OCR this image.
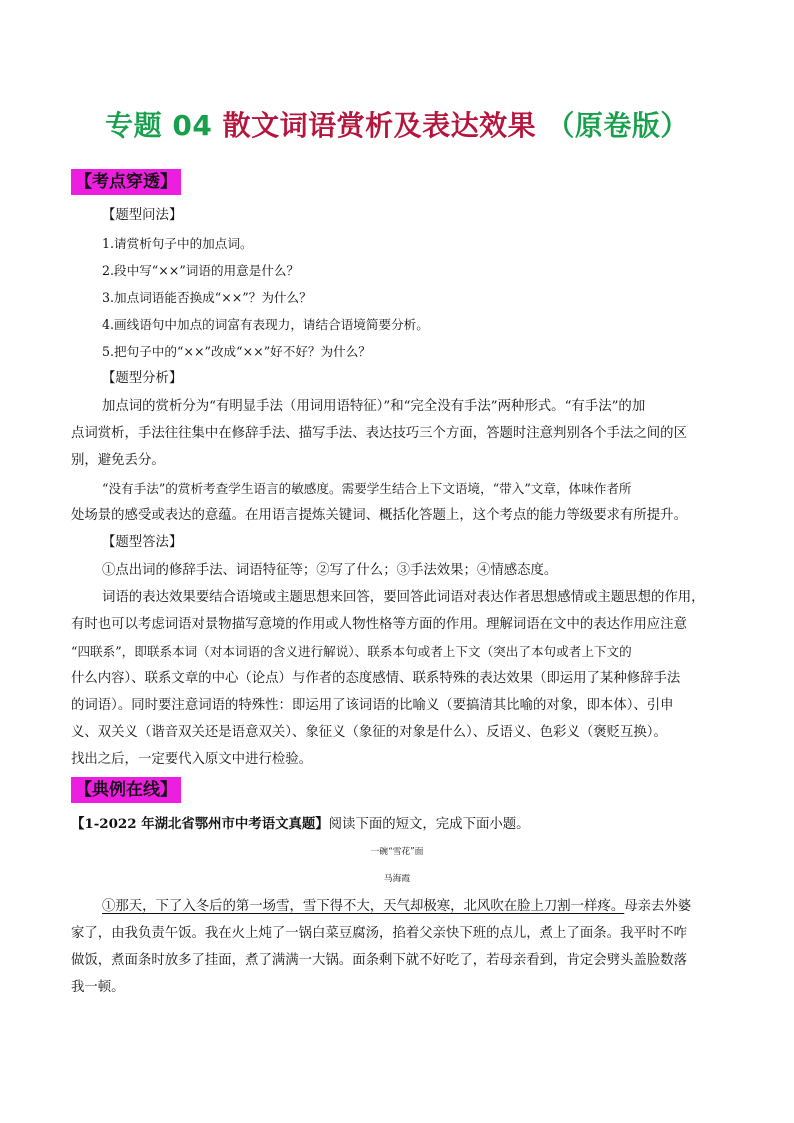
专题 04 散文词语赏析及表达效果 （原卷版）
【考点穿透】
【题型问法】
1.请赏析句子中的加点词。
2.段中写“××”词语的用意是什么？
3.加点词语能否换成“××”？为什么？
4.画线语句中加点的词富有表现力，请结合语境简要分析。
5.把句子中的“××”改成“××”好不好？为什么？
【题型分析】
加点词的赏析分为“有明显手法（用词用语特征）”和“完全没有手法”两种形式。“有手法”的加
点词赏析，手法往往集中在修辞手法、描写手法、表达技巧三个方面，答题时注意判别各个手法之间的区
别，避免丢分。
“没有手法”的赏析考查学生语言的敏感度。需要学生结合上下文语境，“带入”文章，体味作者所
处场景的感受或表达的意蕴。在用语言提炼关键词、概括化答题上，这个考点的能力等级要求有所提升。
【题型答法】
①点出词的修辞手法、词语特征等；②写了什么；③手法效果；④情感态度。
词语的表达效果要结合语境或主题思想来回答，要回答此词语对表达作者思想感情或主题思想的作用，
有时也可以考虑词语对景物描写意境的作用或人物性格等方面的作用。理解词语在文中的表达作用应注意
“四联系”，即联系本词（对本词语的含义进行解说）、联系本句或者上下文（突出了本句或者上下文的
什么内容）、联系文章的中心（论点）与作者的态度感情、联系特殊的表达效果（即运用了某种修辞手法
的词语）。同时要注意词语的特殊性：即运用了该词语的比喻义（要搞清其比喻的对象，即本体）、引申
义、双关义（谐音双关还是语意双关）、象征义（象征的对象是什么）、反语义、色彩义（褒贬互换）。
找出之后，一定要代入原文中进行检验。
【典例在线】
【1-2022 年湖北省鄂州市中考语文真题】阅读下面的短文，完成下面小题。
一碗“雪花”面
马海霞
①那天，下了入冬后的第一场雪，雪下得不大，天气却极寒，北风吹在脸上刀割一样疼。母亲去外婆
家了，由我负责午饭。我在火上炖了一锅白菜豆腐汤，掐着父亲快下班的点儿，煮上了面条。我平时不咋
做饭，煮面条时放多了挂面，煮了满满一大锅。面条剩下就不好吃了，若母亲看到，肯定会劈头盖脸数落
我一顿。
